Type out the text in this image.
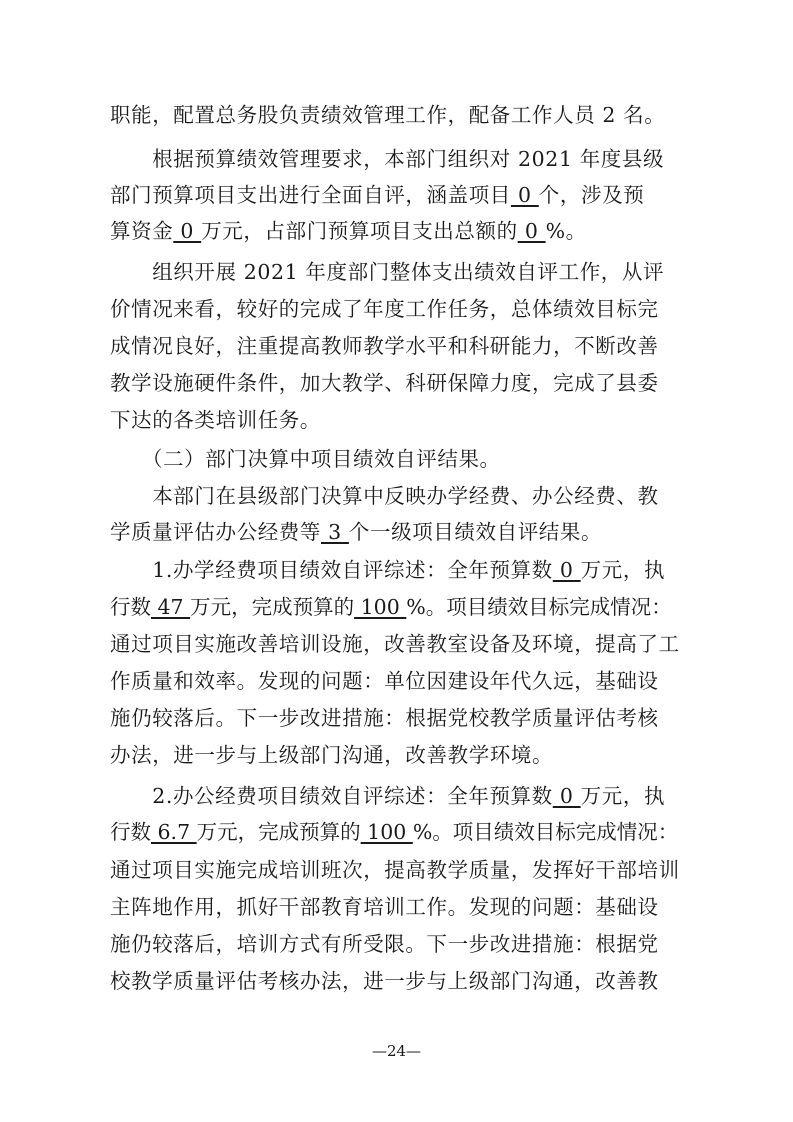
职能，配置总务股负责绩效管理工作，配备工作人员 2 名。
　　根据预算绩效管理要求，本部门组织对 2021 年度县级
部门预算项目支出进行全面自评，涵盖项目 0 个，涉及预
算资金 0 万元，占部门预算项目支出总额的 0 %。
　　组织开展 2021 年度部门整体支出绩效自评工作，从评
价情况来看，较好的完成了年度工作任务，总体绩效目标完
成情况良好，注重提高教师教学水平和科研能力，不断改善
教学设施硬件条件，加大教学、科研保障力度，完成了县委
下达的各类培训任务。
　　（二）部门决算中项目绩效自评结果。
　　本部门在县级部门决算中反映办学经费、办公经费、教
学质量评估办公经费等 3 个一级项目绩效自评结果。
　　1.办学经费项目绩效自评综述：全年预算数 0 万元，执
行数 47 万元，完成预算的 100 %。项目绩效目标完成情况：
通过项目实施改善培训设施，改善教室设备及环境，提高了工
作质量和效率。发现的问题：单位因建设年代久远，基础设
施仍较落后。下一步改进措施：根据党校教学质量评估考核
办法，进一步与上级部门沟通，改善教学环境。
　　2.办公经费项目绩效自评综述：全年预算数 0 万元，执
行数 6.7 万元，完成预算的 100 %。项目绩效目标完成情况：
通过项目实施完成培训班次，提高教学质量，发挥好干部培训
主阵地作用，抓好干部教育培训工作。发现的问题：基础设
施仍较落后，培训方式有所受限。下一步改进措施：根据党
校教学质量评估考核办法，进一步与上级部门沟通，改善教
—24—
